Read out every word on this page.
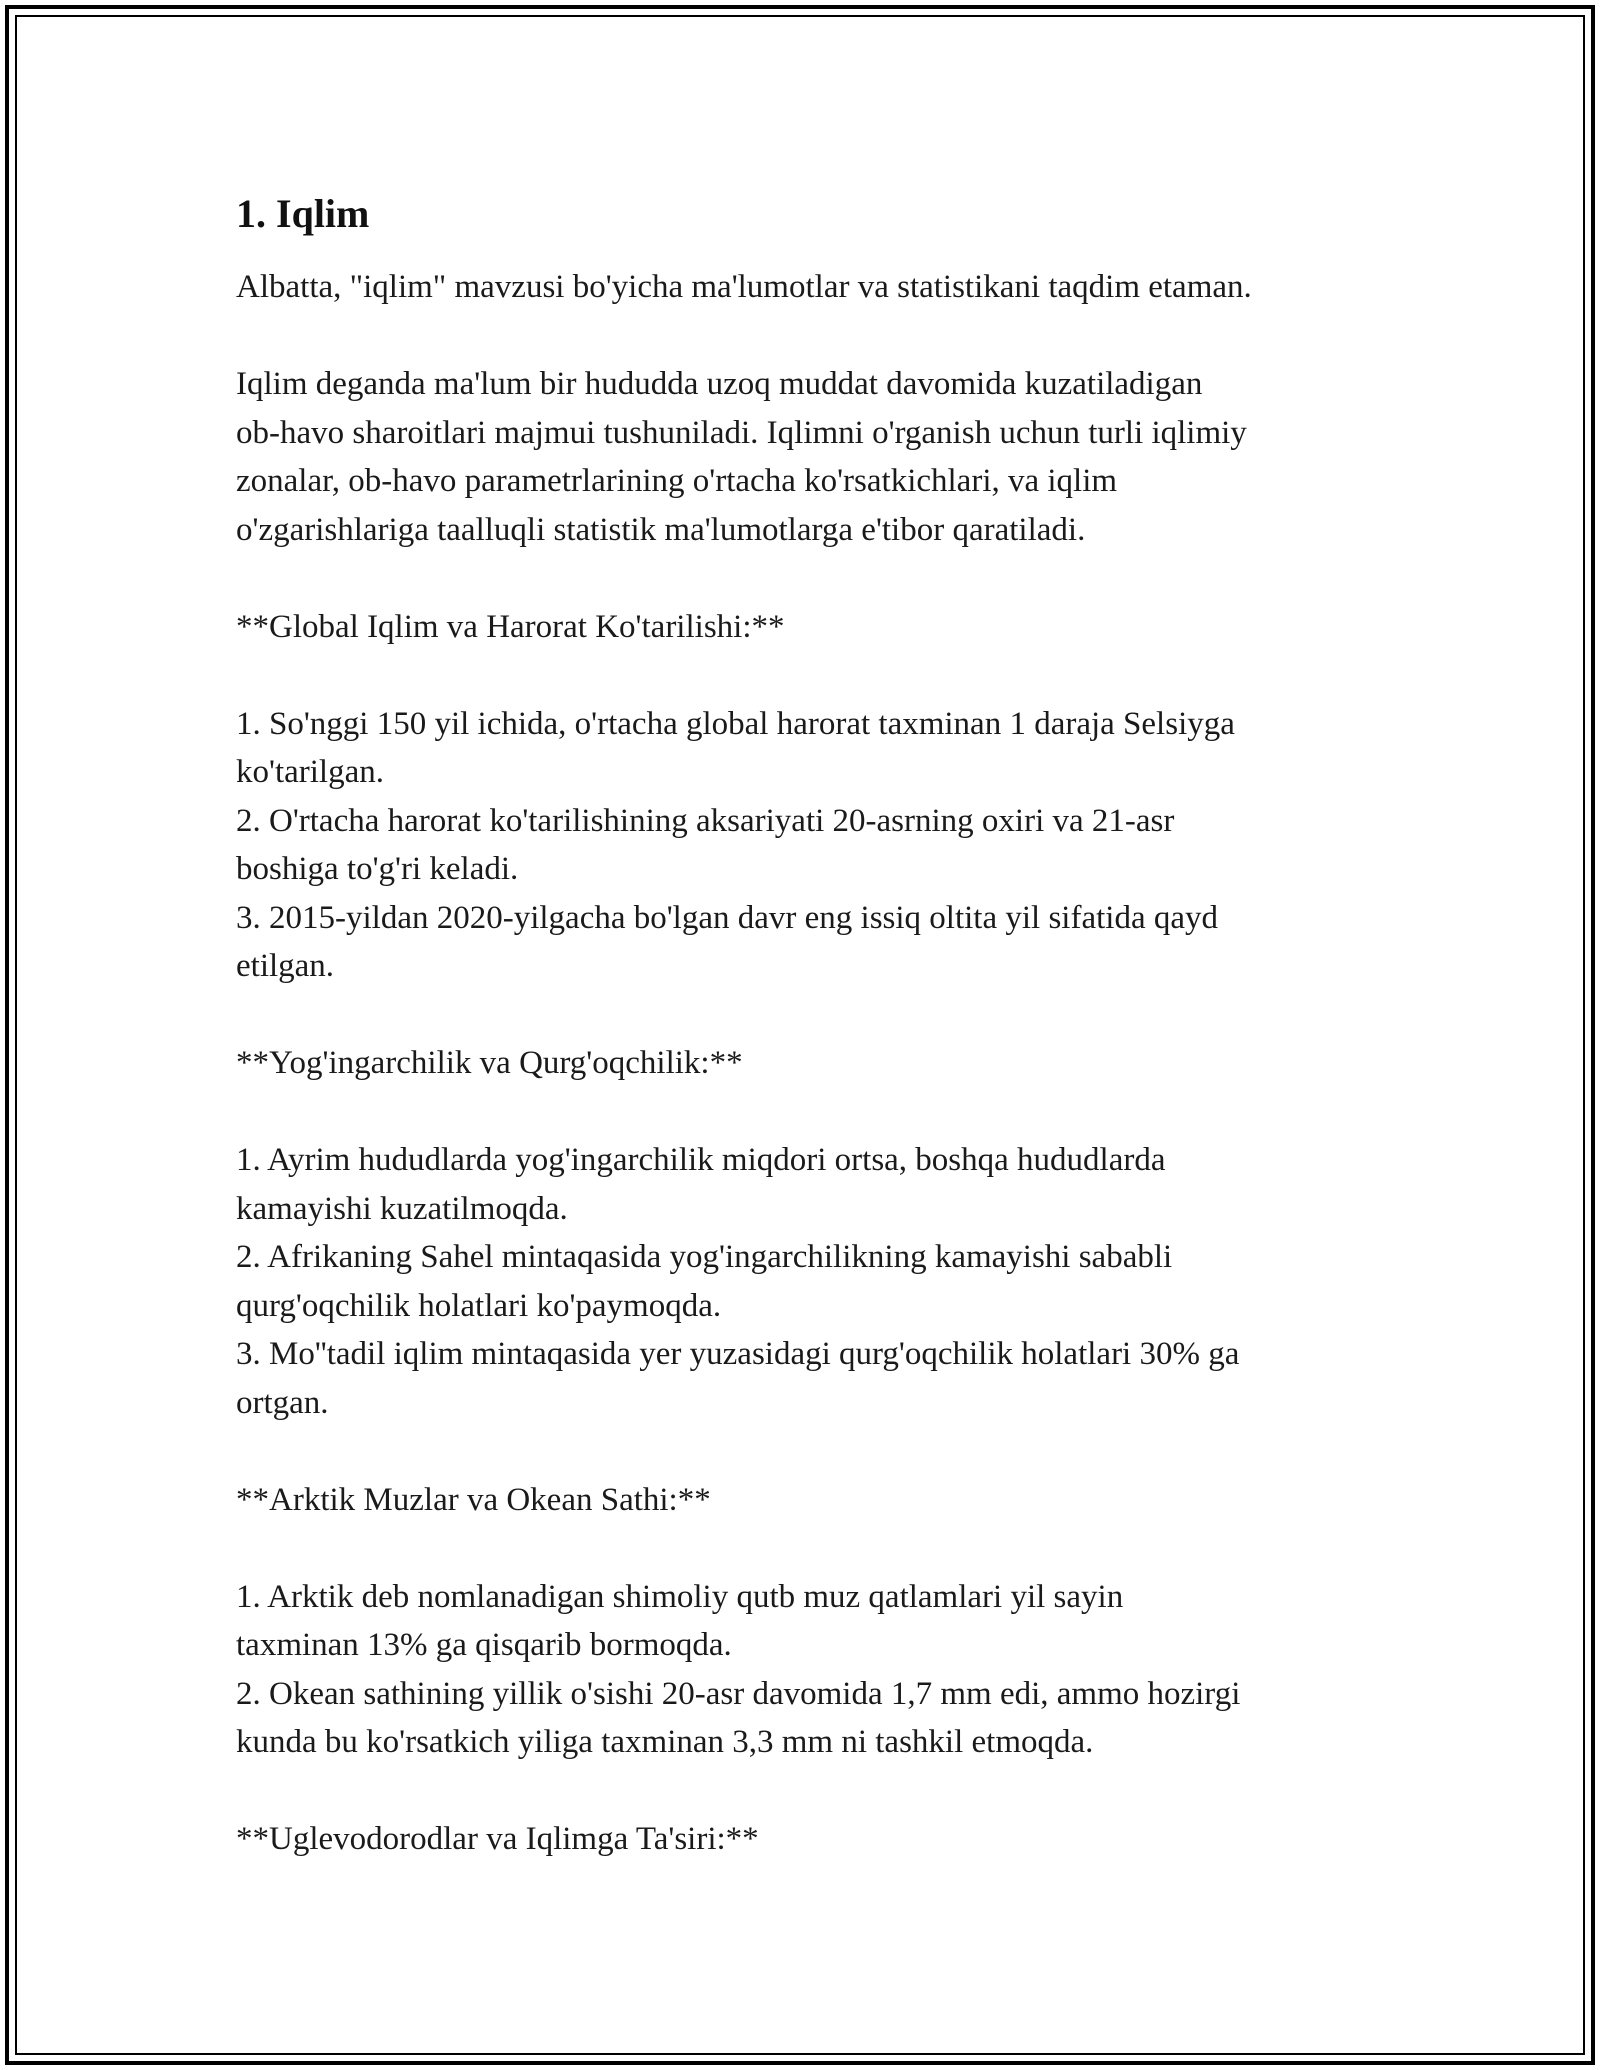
1. Iqlim

Albatta, "iqlim" mavzusi bo'yicha ma'lumotlar va statistikani taqdim etaman.

Iqlim deganda ma'lum bir hududda uzoq muddat davomida kuzatiladigan

ob-havo sharoitlari majmui tushuniladi. Iqlimni o'rganish uchun turli iqlimiy

zonalar, ob-havo parametrlarining o'rtacha ko'rsatkichlari, va iqlim

o'zgarishlariga taalluqli statistik ma'lumotlarga e'tibor qaratiladi.

**Global Iqlim va Harorat Ko'tarilishi:**

1. So'nggi 150 yil ichida, o'rtacha global harorat taxminan 1 daraja Selsiyga

ko'tarilgan.

2. O'rtacha harorat ko'tarilishining aksariyati 20-asrning oxiri va 21-asr

boshiga to'g'ri keladi.

3. 2015-yildan 2020-yilgacha bo'lgan davr eng issiq oltita yil sifatida qayd

etilgan.

**Yog'ingarchilik va Qurg'oqchilik:**

1. Ayrim hududlarda yog'ingarchilik miqdori ortsa, boshqa hududlarda

kamayishi kuzatilmoqda.

2. Afrikaning Sahel mintaqasida yog'ingarchilikning kamayishi sababli

qurg'oqchilik holatlari ko'paymoqda.

3. Mo''tadil iqlim mintaqasida yer yuzasidagi qurg'oqchilik holatlari 30% ga

ortgan.

**Arktik Muzlar va Okean Sathi:**

1. Arktik deb nomlanadigan shimoliy qutb muz qatlamlari yil sayin

taxminan 13% ga qisqarib bormoqda.

2. Okean sathining yillik o'sishi 20-asr davomida 1,7 mm edi, ammo hozirgi

kunda bu ko'rsatkich yiliga taxminan 3,3 mm ni tashkil etmoqda.

**Uglevodorodlar va Iqlimga Ta'siri:**
